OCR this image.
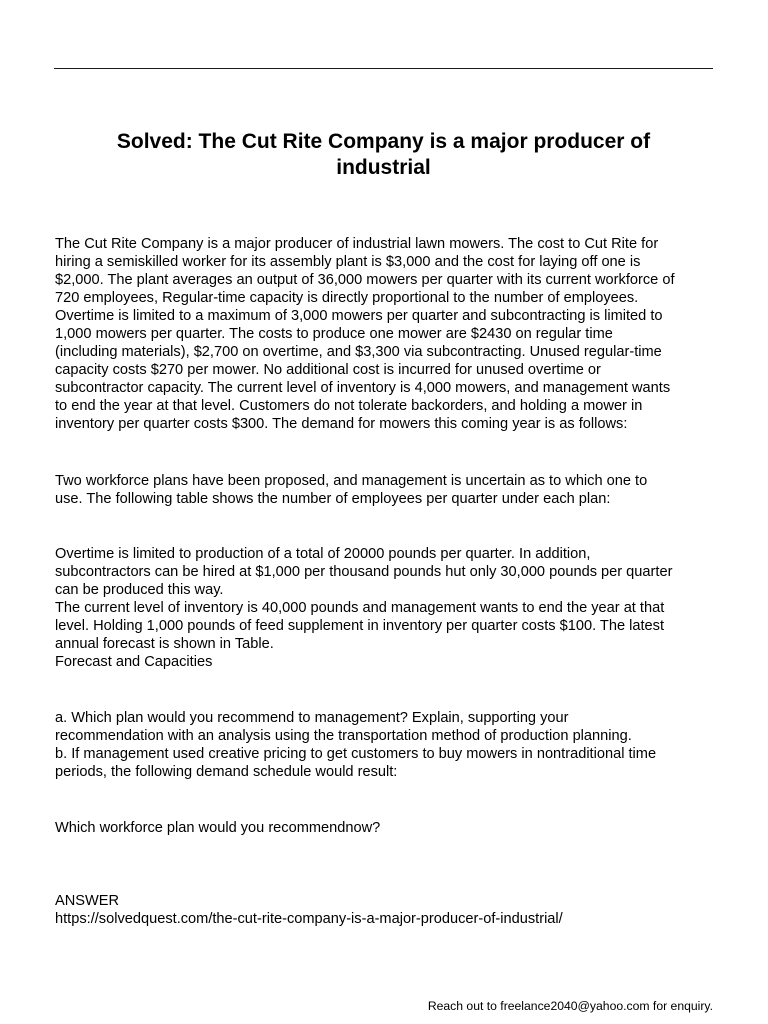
Solved: The Cut Rite Company is a major producer of
industrial

The Cut Rite Company is a major producer of industrial lawn mowers. The cost to Cut Rite for
hiring a semiskilled worker for its assembly plant is $3,000 and the cost for laying off one is
$2,000. The plant averages an output of 36,000 mowers per quarter with its current workforce of
720 employees, Regular-time capacity is directly proportional to the number of employees.
Overtime is limited to a maximum of 3,000 mowers per quarter and subcontracting is limited to
1,000 mowers per quarter. The costs to produce one mower are $2430 on regular time
(including materials), $2,700 on overtime, and $3,300 via subcontracting. Unused regular-time
capacity costs $270 per mower. No additional cost is incurred for unused overtime or
subcontractor capacity. The current level of inventory is 4,000 mowers, and management wants
to end the year at that level. Customers do not tolerate backorders, and holding a mower in
inventory per quarter costs $300. The demand for mowers this coming year is as follows:

Two workforce plans have been proposed, and management is uncertain as to which one to
use. The following table shows the number of employees per quarter under each plan:

Overtime is limited to production of a total of 20000 pounds per quarter. In addition,
subcontractors can be hired at $1,000 per thousand pounds hut only 30,000 pounds per quarter
can be produced this way.
The current level of inventory is 40,000 pounds and management wants to end the year at that
level. Holding 1,000 pounds of feed supplement in inventory per quarter costs $100. The latest
annual forecast is shown in Table.
Forecast and Capacities

a. Which plan would you recommend to management? Explain, supporting your
recommendation with an analysis using the transportation method of production planning.
b. If management used creative pricing to get customers to buy mowers in nontraditional time
periods, the following demand schedule would result:

Which workforce plan would you recommendnow?

ANSWER
https://solvedquest.com/the-cut-rite-company-is-a-major-producer-of-industrial/

Reach out to freelance2040@yahoo.com for enquiry.
